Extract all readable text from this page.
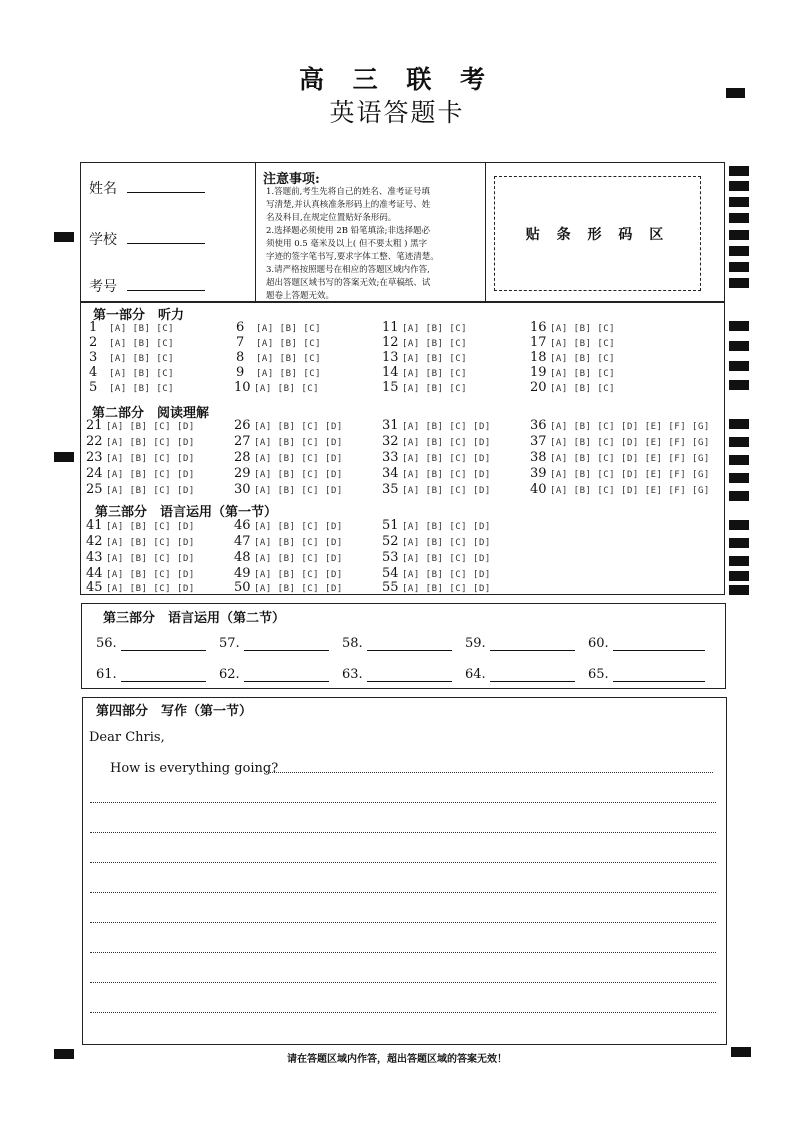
高 三 联 考
英语答题卡
姓名
学校
考号
注意事项:
1.答题前,考生先将自己的姓名、准考证号填
写清楚,并认真核准条形码上的准考证号、姓
名及科目,在规定位置贴好条形码。
2.选择题必须使用 2B 铅笔填涂;非选择题必
须使用 0.5 毫米及以上( 但不要太粗 ) 黑字
字迹的签字笔书写,要求字体工整、笔迹清楚。
3.请严格按照题号在相应的答题区域内作答,
超出答题区域书写的答案无效;在草稿纸、试
题卷上答题无效。
贴 条 形 码 区
第一部分　听力
第二部分　阅读理解
第三部分　语言运用（第一节）
1	[A] [B] [C]
2	[A] [B] [C]
3	[A] [B] [C]
4	[A] [B] [C]
5	[A] [B] [C]
6	[A] [B] [C]
7	[A] [B] [C]
8	[A] [B] [C]
9	[A] [B] [C]
10 [A] [B] [C]
11 [A] [B] [C]
12 [A] [B] [C]
13 [A] [B] [C]
14 [A] [B] [C]
15 [A] [B] [C]
16 [A] [B] [C]
17 [A] [B] [C]
18 [A] [B] [C]
19 [A] [B] [C]
20 [A] [B] [C]
21 [A] [B] [C] [D]
22 [A] [B] [C] [D]
23 [A] [B] [C] [D]
24 [A] [B] [C] [D]
25 [A] [B] [C] [D]
26 [A] [B] [C] [D]
27 [A] [B] [C] [D]
28 [A] [B] [C] [D]
29 [A] [B] [C] [D]
30 [A] [B] [C] [D]
31 [A] [B] [C] [D]
32 [A] [B] [C] [D]
33 [A] [B] [C] [D]
34 [A] [B] [C] [D]
35 [A] [B] [C] [D]
36 [A] [B] [C] [D] [E] [F] [G]
37 [A] [B] [C] [D] [E] [F] [G]
38 [A] [B] [C] [D] [E] [F] [G]
39 [A] [B] [C] [D] [E] [F] [G]
40 [A] [B] [C] [D] [E] [F] [G]
41 [A] [B] [C] [D]
42 [A] [B] [C] [D]
43 [A] [B] [C] [D]
44 [A] [B] [C] [D]
45 [A] [B] [C] [D]
46 [A] [B] [C] [D]
47 [A] [B] [C] [D]
48 [A] [B] [C] [D]
49 [A] [B] [C] [D]
50 [A] [B] [C] [D]
51 [A] [B] [C] [D]
52 [A] [B] [C] [D]
53 [A] [B] [C] [D]
54 [A] [B] [C] [D]
55 [A] [B] [C] [D]
第三部分　语言运用（第二节）
56.	57.	58.	59.	60.
61.	62.	63.	64.	65.
第四部分　写作（第一节）
Dear Chris,
How is everything going?
请在答题区域内作答，超出答题区域的答案无效！
